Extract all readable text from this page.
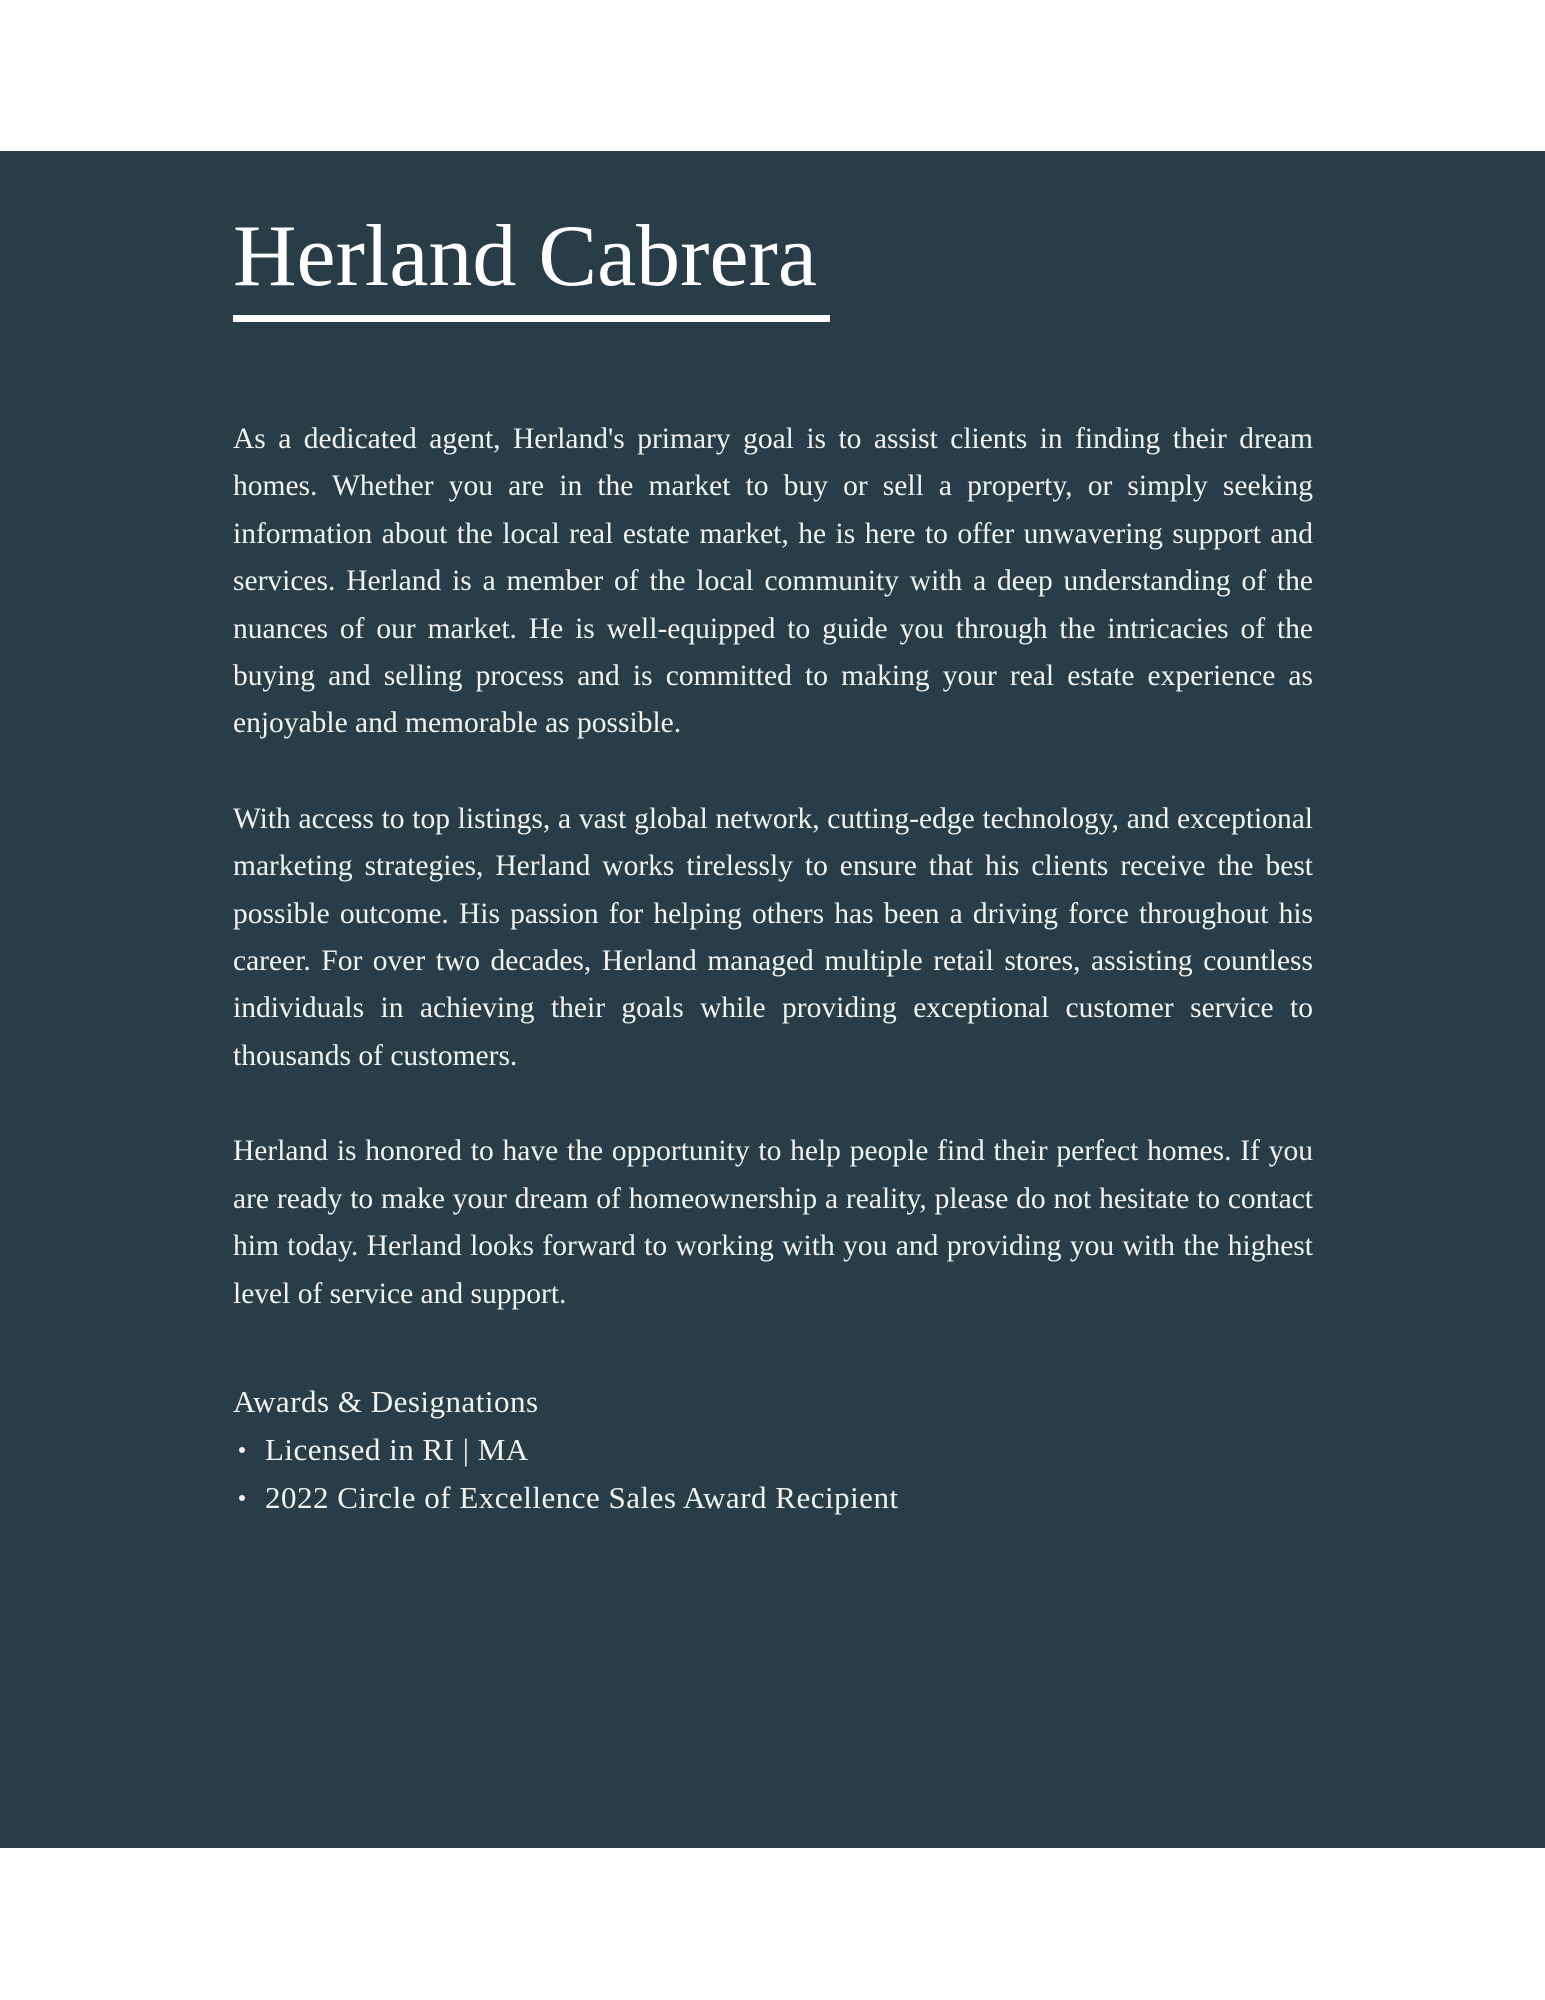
Herland Cabrera

As a dedicated agent, Herland's primary goal is to assist clients in finding their dream homes. Whether you are in the market to buy or sell a property, or simply seeking information about the local real estate market, he is here to offer unwavering support and services. Herland is a member of the local community with a deep understanding of the nuances of our market. He is well-equipped to guide you through the intricacies of the buying and selling process and is committed to making your real estate experience as enjoyable and memorable as possible.

With access to top listings, a vast global network, cutting-edge technology, and exceptional marketing strategies, Herland works tirelessly to ensure that his clients receive the best possible outcome. His passion for helping others has been a driving force throughout his career. For over two decades, Herland managed multiple retail stores, assisting countless individuals in achieving their goals while providing exceptional customer service to thousands of customers.

Herland is honored to have the opportunity to help people find their perfect homes. If you are ready to make your dream of homeownership a reality, please do not hesitate to contact him today. Herland looks forward to working with you and providing you with the highest level of service and support.

Awards & Designations
Licensed in RI | MA
2022 Circle of Excellence Sales Award Recipient
